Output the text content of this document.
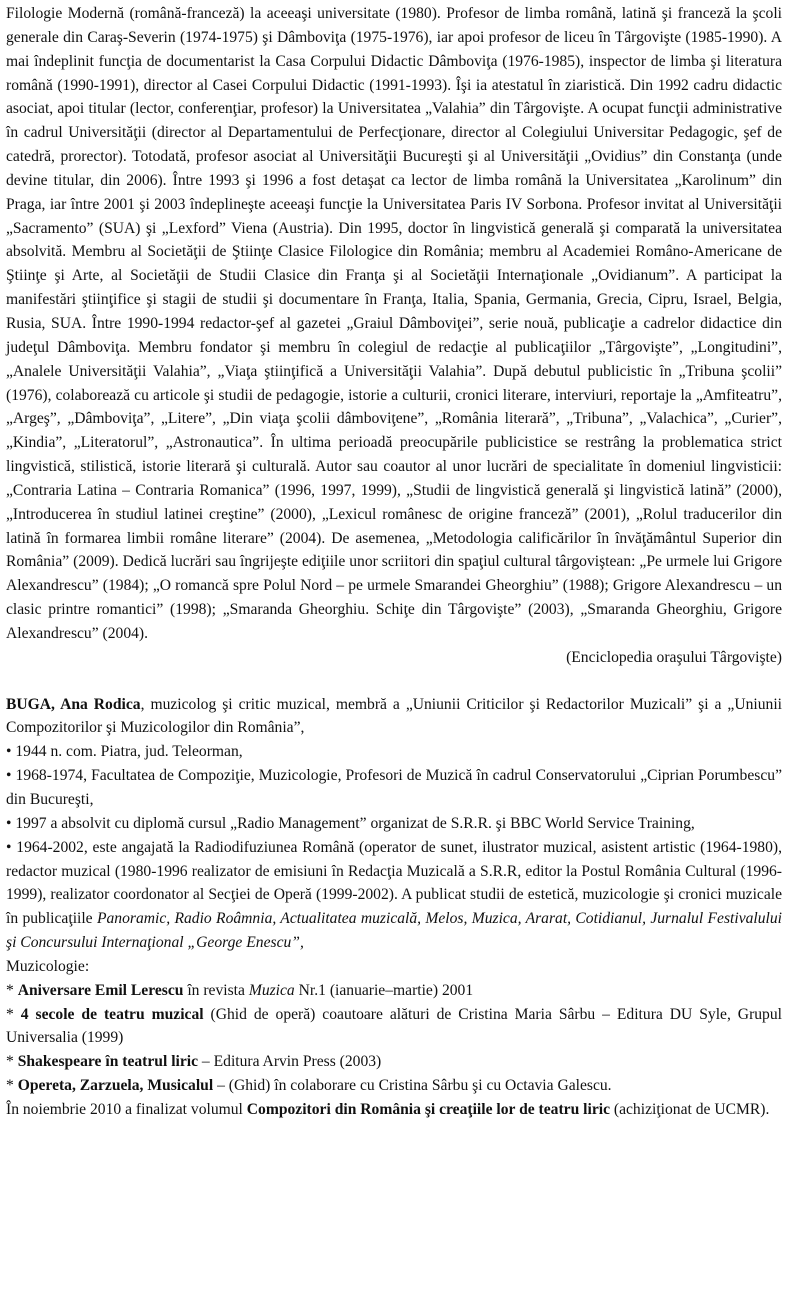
Filologie Modernă (română-franceză) la aceeaşi universitate (1980). Profesor de limba română, latină şi franceză la şcoli generale din Caraş-Severin (1974-1975) şi Dâmboviţa (1975-1976), iar apoi profesor de liceu în Târgovişte (1985-1990). A mai îndeplinit funcţia de documentarist la Casa Corpului Didactic Dâmboviţa (1976-1985), inspector de limba şi literatura română (1990-1991), director al Casei Corpului Didactic (1991-1993). Îşi ia atestatul în ziaristică. Din 1992 cadru didactic asociat, apoi titular (lector, conferenţiar, profesor) la Universitatea „Valahia” din Târgovişte. A ocupat funcţii administrative în cadrul Universităţii (director al Departamentului de Perfecţionare, director al Colegiului Universitar Pedagogic, şef de catedră, prorector). Totodată, profesor asociat al Universităţii Bucureşti şi al Universităţii „Ovidius” din Constanţa (unde devine titular, din 2006). Între 1993 şi 1996 a fost detaşat ca lector de limba română la Universitatea „Karolinum” din Praga, iar între 2001 şi 2003 îndeplineşte aceeaşi funcţie la Universitatea Paris IV Sorbona. Profesor invitat al Universităţii „Sacramento” (SUA) şi „Lexford” Viena (Austria). Din 1995, doctor în lingvistică generală şi comparată la universitatea absolvită. Membru al Societăţii de Ştiinţe Clasice Filologice din România; membru al Academiei Româno-Americane de Ştiinţe şi Arte, al Societăţii de Studii Clasice din Franţa şi al Societăţii Internaţionale „Ovidianum”. A participat la manifestări ştiinţifice şi stagii de studii şi documentare în Franţa, Italia, Spania, Germania, Grecia, Cipru, Israel, Belgia, Rusia, SUA. Între 1990-1994 redactor-şef al gazetei „Graiul Dâmboviţei”, serie nouă, publicaţie a cadrelor didactice din judeţul Dâmboviţa. Membru fondator şi membru în colegiul de redacţie al publicaţiilor „Târgovişte”, „Longitudini”, „Analele Universităţii Valahia”, „Viaţa ştiinţifică a Universităţii Valahia”. După debutul publicistic în „Tribuna şcolii” (1976), colaborează cu articole şi studii de pedagogie, istorie a culturii, cronici literare, interviuri, reportaje la „Amfiteatru”, „Argeş”, „Dâmboviţa”, „Litere”, „Din viaţa şcolii dâmboviţene”, „România literară”, „Tribuna”, „Valachica”, „Curier”, „Kindia”, „Literatorul”, „Astronautica”. În ultima perioadă preocupările publicistice se restrâng la problematica strict lingvistică, stilistică, istorie literară şi culturală. Autor sau coautor al unor lucrări de specialitate în domeniul lingvisticii: „Contraria Latina – Contraria Romanica” (1996, 1997, 1999), „Studii de lingvistică generală şi lingvistică latină” (2000), „Introducerea în studiul latinei creştine” (2000), „Lexicul românesc de origine franceză” (2001), „Rolul traducerilor din latină în formarea limbii române literare” (2004). De asemenea, „Metodologia calificărilor în învăţământul Superior din România” (2009). Dedică lucrări sau îngrijeşte ediţiile unor scriitori din spaţiul cultural târgoviştean: „Pe urmele lui Grigore Alexandrescu” (1984); „O romancă spre Polul Nord – pe urmele Smarandei Gheorghiu” (1988); Grigore Alexandrescu – un clasic printre romantici” (1998); „Smaranda Gheorghiu. Schiţe din Târgovişte” (2003), „Smaranda Gheorghiu, Grigore Alexandrescu” (2004).

(Enciclopedia oraşului Târgovişte)

BUGA, Ana Rodica, muzicolog şi critic muzical, membră a „Uniunii Criticilor şi Redactorilor Muzicali” şi a „Uniunii Compozitorilor şi Muzicologilor din România”,

• 1944 n. com. Piatra, jud. Teleorman,

• 1968-1974, Facultatea de Compoziţie, Muzicologie, Profesori de Muzică în cadrul Conservatorului „Ciprian Porumbescu” din Bucureşti,

• 1997 a absolvit cu diplomă cursul „Radio Management” organizat de S.R.R. şi BBC World Service Training,

• 1964-2002, este angajată la Radiodifuziunea Română (operator de sunet, ilustrator muzical, asistent artistic (1964-1980), redactor muzical (1980-1996 realizator de emisiuni în Redacţia Muzicală a S.R.R, editor la Postul România Cultural (1996-1999), realizator coordonator al Secţiei de Operă (1999-2002). A publicat studii de estetică, muzicologie şi cronici muzicale în publicaţiile Panoramic, Radio Roâmnia, Actualitatea muzicală, Melos, Muzica, Ararat, Cotidianul, Jurnalul Festivalului şi Concursului Internaţional „George Enescu”,

Muzicologie:

* Aniversare Emil Lerescu în revista Muzica Nr.1 (ianuarie–martie) 2001

* 4 secole de teatru muzical (Ghid de operă) coautoare alături de Cristina Maria Sârbu – Editura DU Syle, Grupul Universalia (1999)

* Shakespeare în teatrul liric – Editura Arvin Press (2003)

* Opereta, Zarzuela, Musicalul – (Ghid) în colaborare cu Cristina Sârbu şi cu Octavia Galescu.

În noiembrie 2010 a finalizat volumul Compozitori din România şi creaţiile lor de teatru liric (achiziţionat de UCMR).
